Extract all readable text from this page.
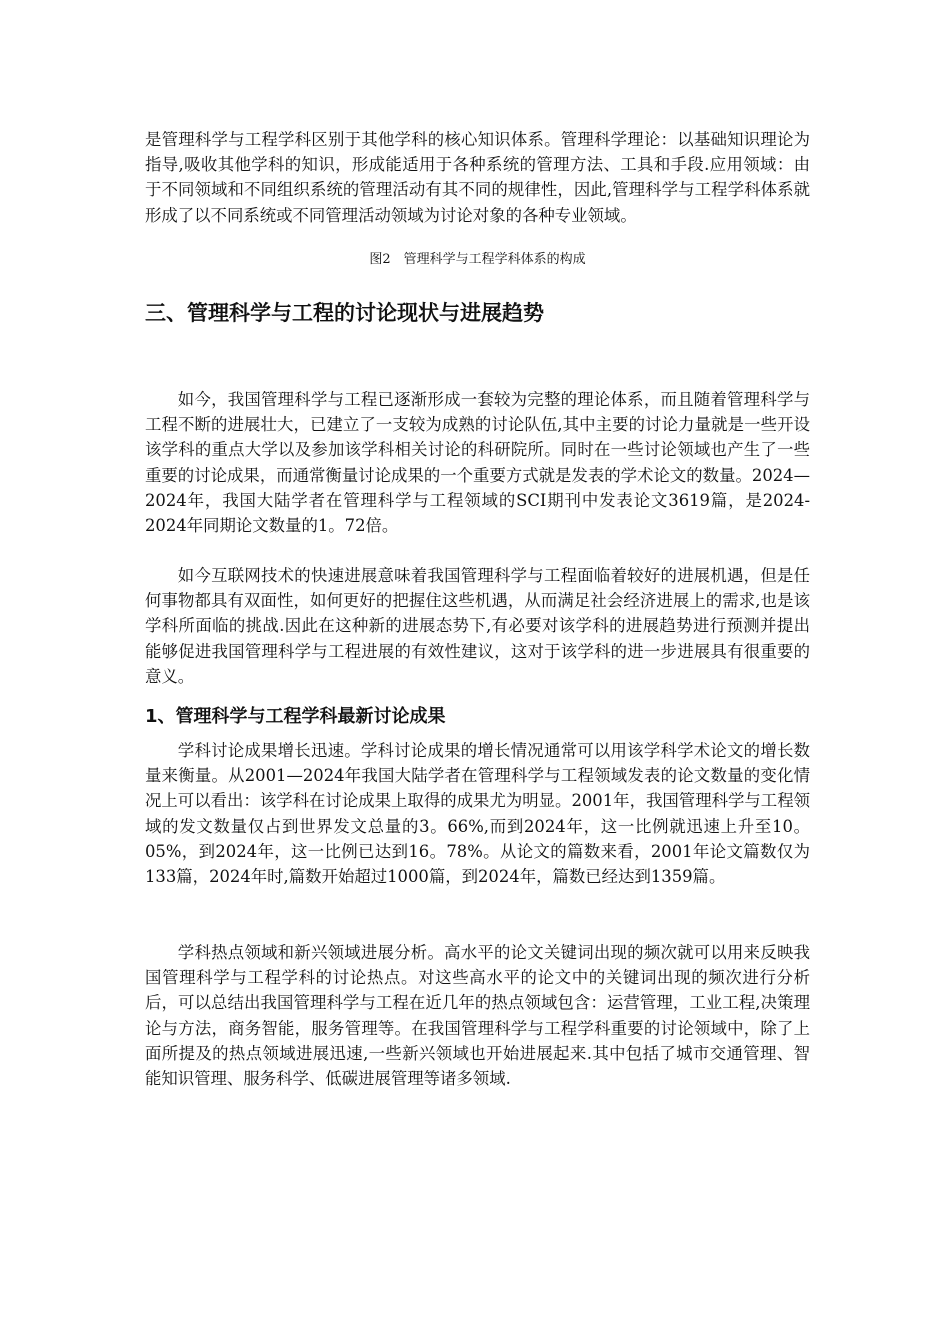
是管理科学与工程学科区别于其他学科的核心知识体系。管理科学理论：以基础知识理论为指导,吸收其他学科的知识，形成能适用于各种系统的管理方法、工具和手段.应用领域：由于不同领域和不同组织系统的管理活动有其不同的规律性，因此,管理科学与工程学科体系就形成了以不同系统或不同管理活动领域为讨论对象的各种专业领域。

图2　管理科学与工程学科体系的构成
三、管理科学与工程的讨论现状与进展趋势

如今，我国管理科学与工程已逐渐形成一套较为完整的理论体系，而且随着管理科学与工程不断的进展壮大，已建立了一支较为成熟的讨论队伍,其中主要的讨论力量就是一些开设该学科的重点大学以及参加该学科相关讨论的科研院所。同时在一些讨论领域也产生了一些重要的讨论成果，而通常衡量讨论成果的一个重要方式就是发表的学术论文的数量。2024—2024年，我国大陆学者在管理科学与工程领域的SCI期刊中发表论文3619篇，是2024-2024年同期论文数量的1。72倍。

如今互联网技术的快速进展意味着我国管理科学与工程面临着较好的进展机遇，但是任何事物都具有双面性，如何更好的把握住这些机遇，从而满足社会经济进展上的需求,也是该学科所面临的挑战.因此在这种新的进展态势下,有必要对该学科的进展趋势进行预测并提出能够促进我国管理科学与工程进展的有效性建议，这对于该学科的进一步进展具有很重要的意义。

1、管理科学与工程学科最新讨论成果

学科讨论成果增长迅速。学科讨论成果的增长情况通常可以用该学科学术论文的增长数量来衡量。从2001—2024年我国大陆学者在管理科学与工程领域发表的论文数量的变化情况上可以看出：该学科在讨论成果上取得的成果尤为明显。2001年，我国管理科学与工程领域的发文数量仅占到世界发文总量的3。66%,而到2024年，这一比例就迅速上升至10。05%，到2024年，这一比例已达到16。78%。从论文的篇数来看，2001年论文篇数仅为133篇，2024年时,篇数开始超过1000篇，到2024年，篇数已经达到1359篇。

学科热点领域和新兴领域进展分析。高水平的论文关键词出现的频次就可以用来反映我国管理科学与工程学科的讨论热点。对这些高水平的论文中的关键词出现的频次进行分析后，可以总结出我国管理科学与工程在近几年的热点领域包含：运营管理，工业工程,决策理论与方法，商务智能，服务管理等。在我国管理科学与工程学科重要的讨论领域中，除了上面所提及的热点领域进展迅速,一些新兴领域也开始进展起来.其中包括了城市交通管理、智能知识管理、服务科学、低碳进展管理等诸多领域.
